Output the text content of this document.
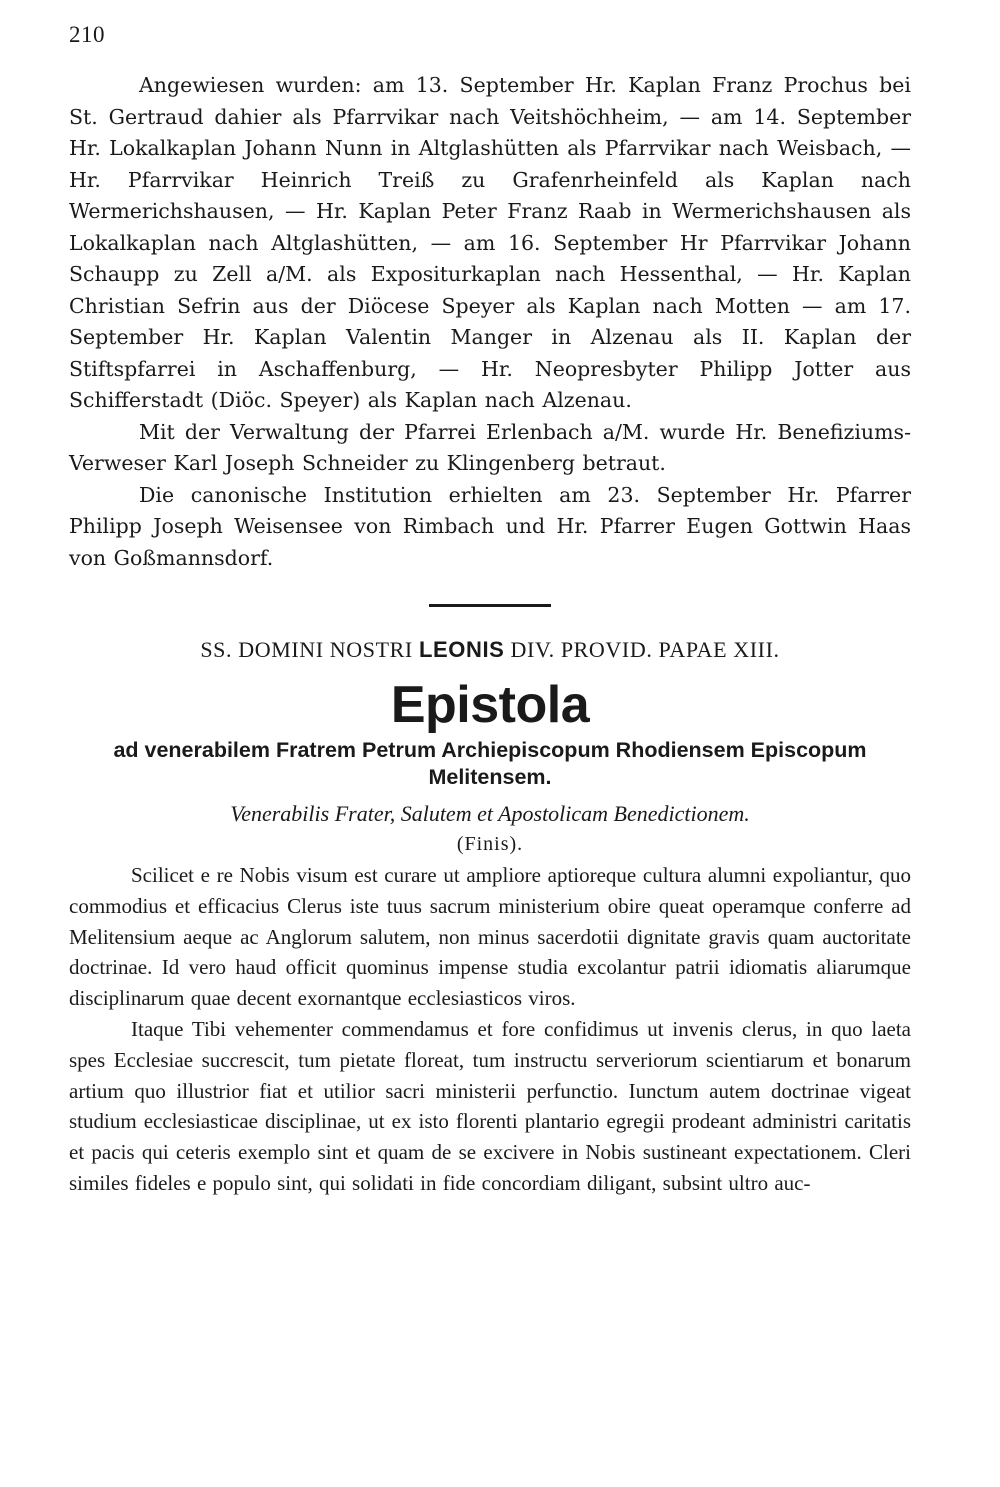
210

Angewiesen wurden: am 13. September Hr. Kaplan Franz Prochus bei St. Gertraud dahier als Pfarrvikar nach Veitshöchheim, — am 14. September Hr. Lokalkaplan Johann Nunn in Altglashütten als Pfarrvikar nach Weisbach, — Hr. Pfarrvikar Heinrich Treiß zu Grafenrheinfeld als Kaplan nach Wermerichshausen, — Hr. Kaplan Peter Franz Raab in Wermerichshausen als Lokalkaplan nach Altglashütten, — am 16. September Hr Pfarrvikar Johann Schaupp zu Zell a/M. als Expositurkaplan nach Hessenthal, — Hr. Kaplan Christian Sefrin aus der Diöcese Speyer als Kaplan nach Motten — am 17. September Hr. Kaplan Valentin Manger in Alzenau als II. Kaplan der Stiftspfarrei in Aschaffenburg, — Hr. Neopresbyter Philipp Jotter aus Schifferstadt (Diöc. Speyer) als Kaplan nach Alzenau.

Mit der Verwaltung der Pfarrei Erlenbach a/M. wurde Hr. Benefiziums-Verweser Karl Joseph Schneider zu Klingenberg betraut.

Die canonische Institution erhielten am 23. September Hr. Pfarrer Philipp Joseph Weisensee von Rimbach und Hr. Pfarrer Eugen Gottwin Haas von Goßmannsdorf.

SS. DOMINI NOSTRI LEONIS DIV. PROVID. PAPAE XIII.

Epistola

ad venerabilem Fratrem Petrum Archiepiscopum Rhodiensem Episcopum Melitensem.

Venerabilis Frater, Salutem et Apostolicam Benedictionem.

(Finis).

Scilicet e re Nobis visum est curare ut ampliore aptioreque cultura alumni expoliantur, quo commodius et efficacius Clerus iste tuus sacrum ministerium obire queat operamque conferre ad Melitensium aeque ac Anglorum salutem, non minus sacerdotii dignitate gravis quam auctoritate doctrinae. Id vero haud officit quominus impense studia excolantur patrii idiomatis aliarumque disciplinarum quae decent exornantque ecclesiasticos viros.

Itaque Tibi vehementer commendamus et fore confidimus ut invenis clerus, in quo laeta spes Ecclesiae succrescit, tum pietate floreat, tum instructu serveriorum scientiarum et bonarum artium quo illustrior fiat et utilior sacri ministerii perfunctio. Iunctum autem doctrinae vigeat studium ecclesiasticae disciplinae, ut ex isto florenti plantario egregii prodeant administri caritatis et pacis qui ceteris exemplo sint et quam de se excivere in Nobis sustineant expectationem. Cleri similes fideles e populo sint, qui solidati in fide concordiam diligant, subsint ultro auc-
